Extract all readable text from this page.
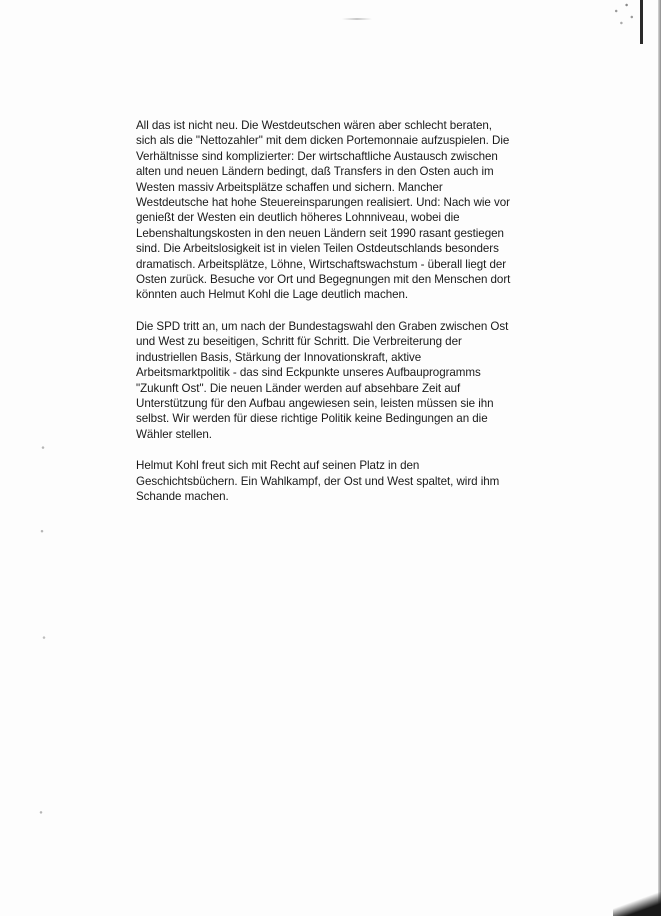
All das ist nicht neu. Die Westdeutschen wären aber schlecht beraten,
sich als die "Nettozahler" mit dem dicken Portemonnaie aufzuspielen. Die
Verhältnisse sind komplizierter: Der wirtschaftliche Austausch zwischen
alten und neuen Ländern bedingt, daß Transfers in den Osten auch im
Westen massiv Arbeitsplätze schaffen und sichern. Mancher
Westdeutsche hat hohe Steuereinsparungen realisiert. Und: Nach wie vor
genießt der Westen ein deutlich höheres Lohnniveau, wobei die
Lebenshaltungskosten in den neuen Ländern seit 1990 rasant gestiegen
sind. Die Arbeitslosigkeit ist in vielen Teilen Ostdeutschlands besonders
dramatisch. Arbeitsplätze, Löhne, Wirtschaftswachstum - überall liegt der
Osten zurück. Besuche vor Ort und Begegnungen mit den Menschen dort
könnten auch Helmut Kohl die Lage deutlich machen.

Die SPD tritt an, um nach der Bundestagswahl den Graben zwischen Ost
und West zu beseitigen, Schritt für Schritt. Die Verbreiterung der
industriellen Basis, Stärkung der Innovationskraft, aktive
Arbeitsmarktpolitik - das sind Eckpunkte unseres Aufbauprogramms
"Zukunft Ost". Die neuen Länder werden auf absehbare Zeit auf
Unterstützung für den Aufbau angewiesen sein, leisten müssen sie ihn
selbst. Wir werden für diese richtige Politik keine Bedingungen an die
Wähler stellen.

Helmut Kohl freut sich mit Recht auf seinen Platz in den
Geschichtsbüchern. Ein Wahlkampf, der Ost und West spaltet, wird ihm
Schande machen.
